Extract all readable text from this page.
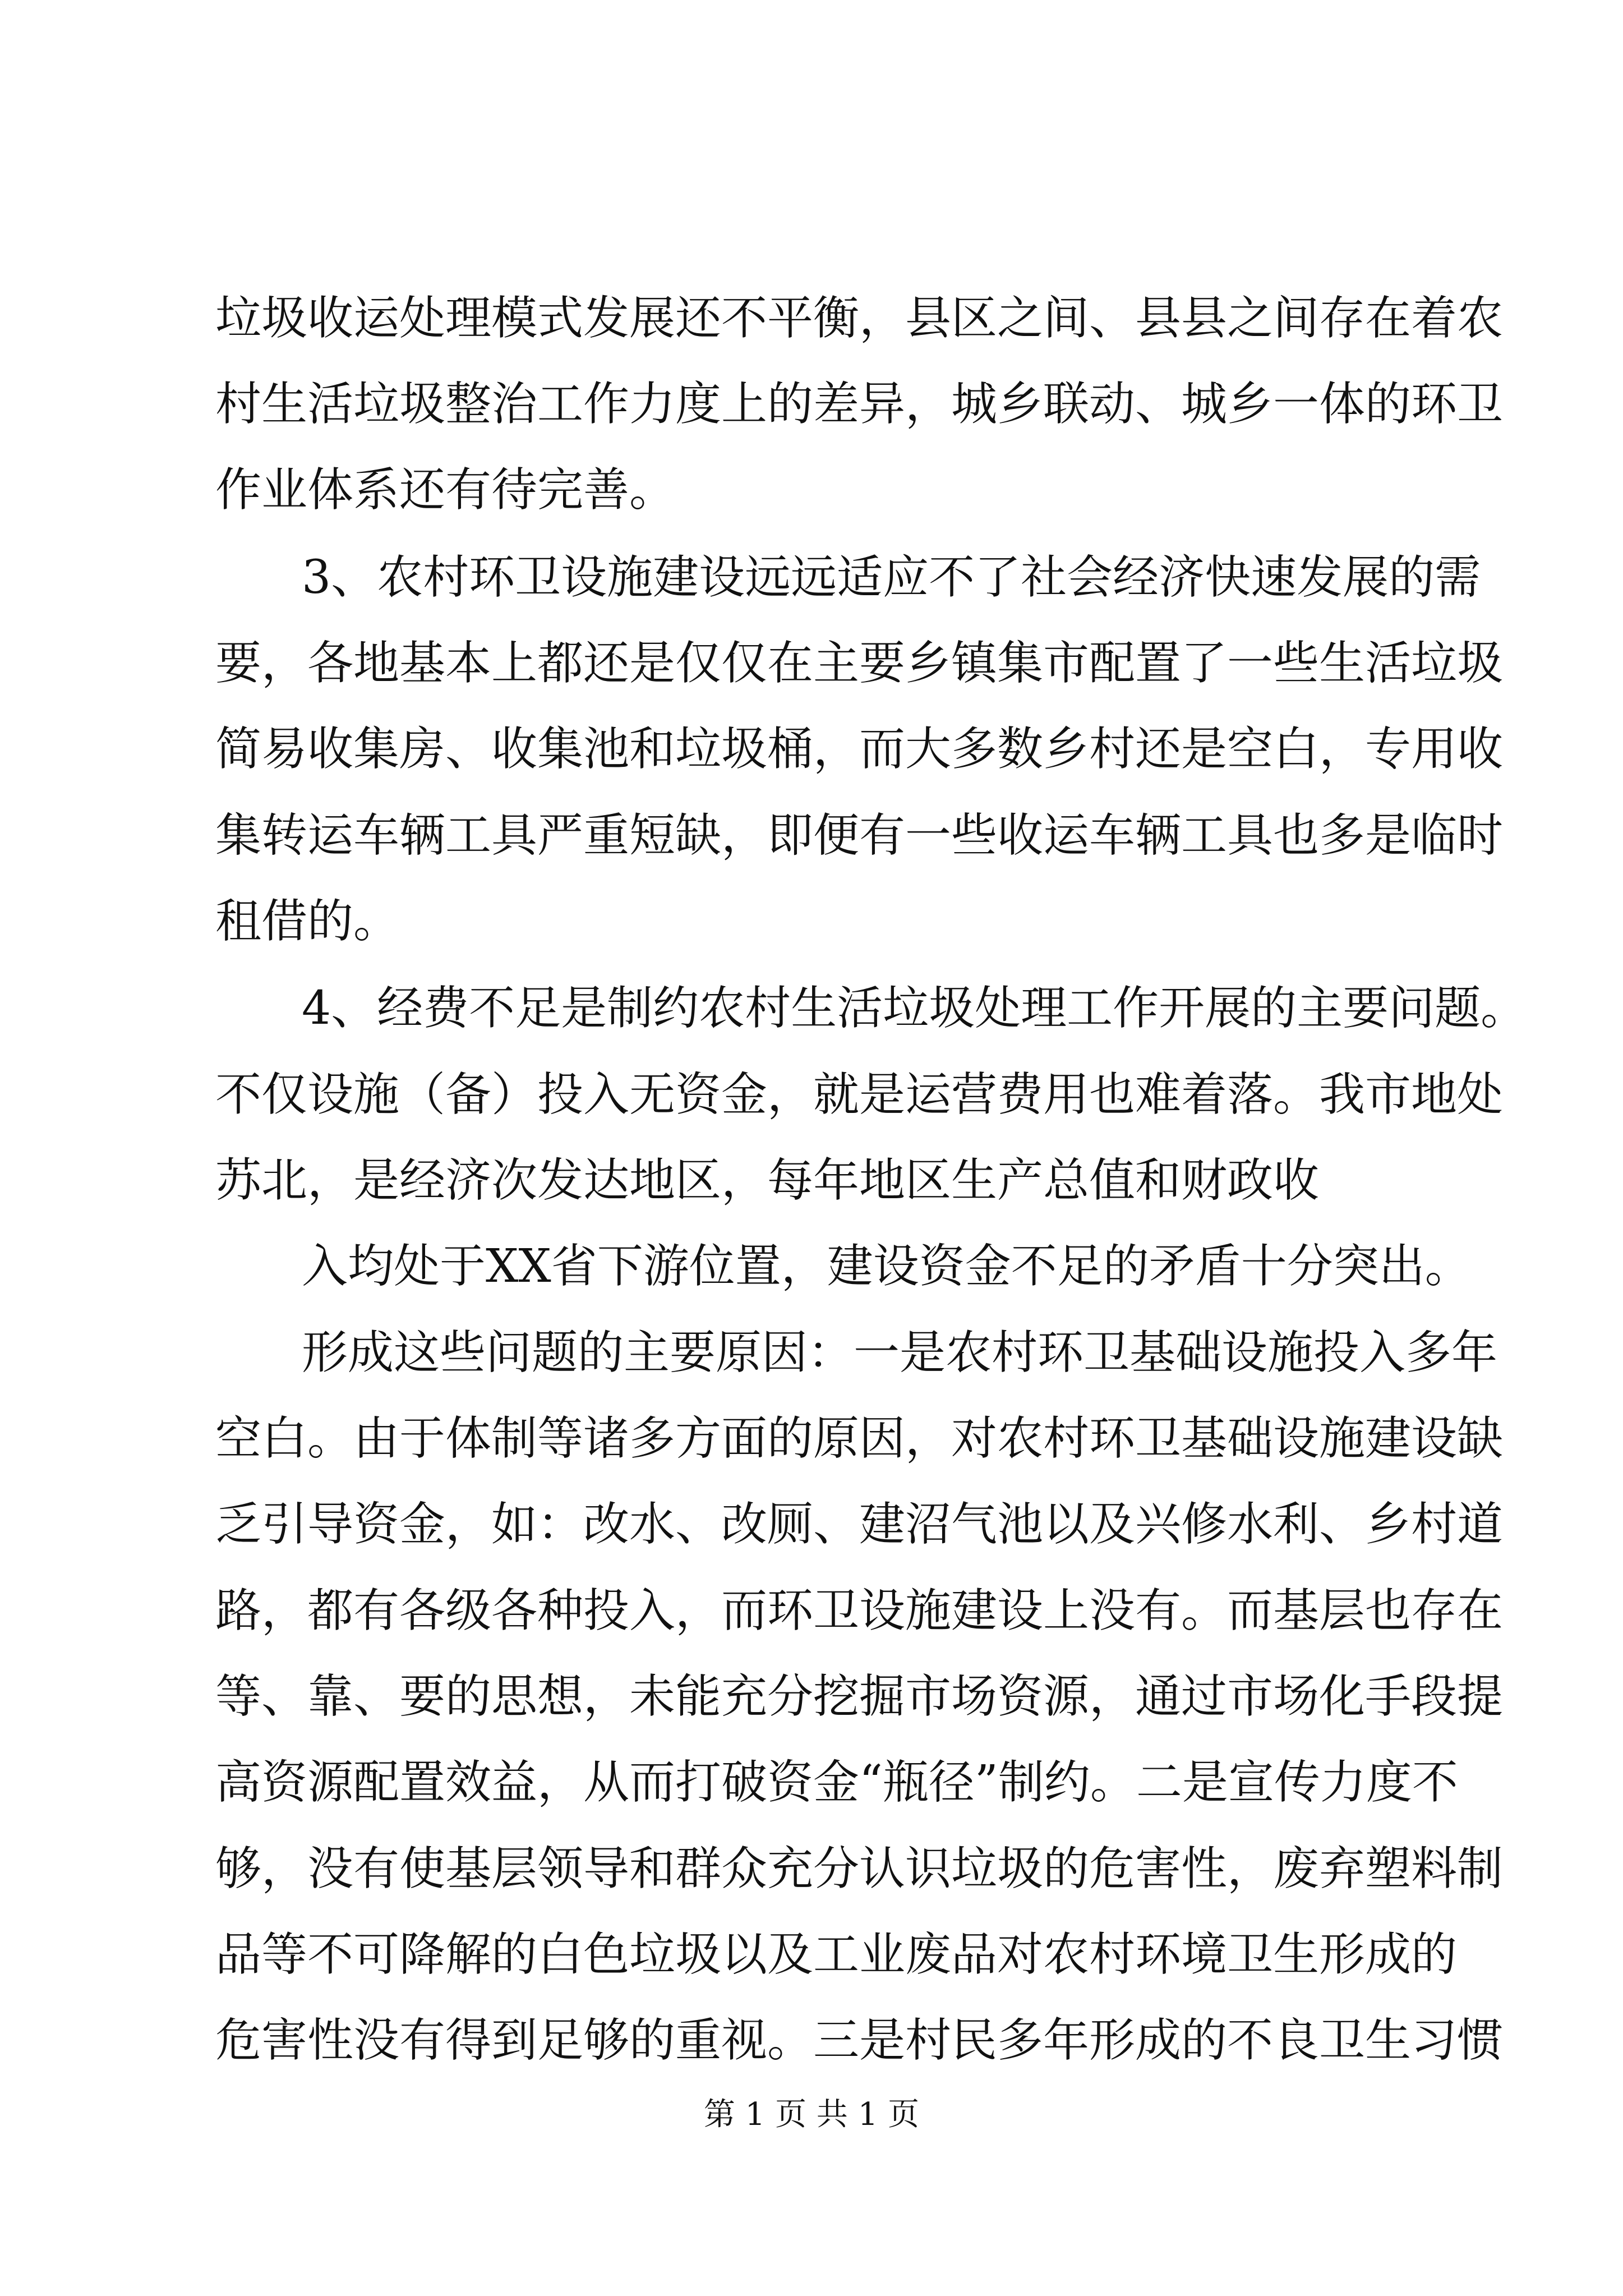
垃圾收运处理模式发展还不平衡，县区之间、县县之间存在着农
村生活垃圾整治工作力度上的差异，城乡联动、城乡一体的环卫
作业体系还有待完善。
3、农村环卫设施建设远远适应不了社会经济快速发展的需
要，各地基本上都还是仅仅在主要乡镇集市配置了一些生活垃圾
简易收集房、收集池和垃圾桶，而大多数乡村还是空白，专用收
集转运车辆工具严重短缺，即便有一些收运车辆工具也多是临时
租借的。
4、经费不足是制约农村生活垃圾处理工作开展的主要问题。
不仅设施（备）投入无资金，就是运营费用也难着落。我市地处
苏北，是经济次发达地区，每年地区生产总值和财政收
入均处于XX省下游位置，建设资金不足的矛盾十分突出。
形成这些问题的主要原因：一是农村环卫基础设施投入多年
空白。由于体制等诸多方面的原因，对农村环卫基础设施建设缺
乏引导资金，如：改水、改厕、建沼气池以及兴修水利、乡村道
路，都有各级各种投入，而环卫设施建设上没有。而基层也存在
等、靠、要的思想，未能充分挖掘市场资源，通过市场化手段提
高资源配置效益，从而打破资金“瓶径”制约。二是宣传力度不
够，没有使基层领导和群众充分认识垃圾的危害性，废弃塑料制
品等不可降解的白色垃圾以及工业废品对农村环境卫生形成的
危害性没有得到足够的重视。三是村民多年形成的不良卫生习惯
第 1 页 共 1 页
